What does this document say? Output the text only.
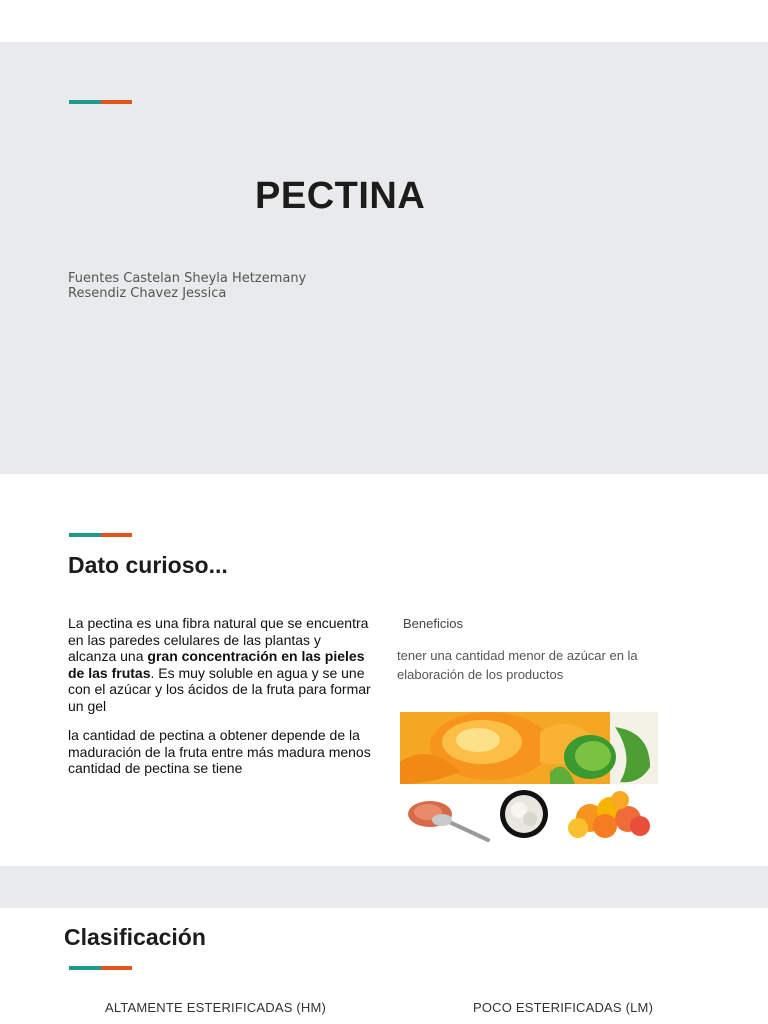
PECTINA
Fuentes Castelan Sheyla Hetzemany
Resendiz Chavez Jessica
Dato curioso...
La pectina es una fibra natural que se encuentra en las paredes celulares de las plantas y alcanza una gran concentración en las pieles de las frutas. Es muy soluble en agua y se une con el azúcar y los ácidos de la fruta para formar un gel
la cantidad de pectina a obtener depende de la maduración de la fruta entre más madura menos cantidad de pectina se tiene
Beneficios
tener una cantidad menor de azúcar en la elaboración de los productos
Clasificación
ALTAMENTE ESTERIFICADAS (HM)	POCO ESTERIFICADAS (LM)
